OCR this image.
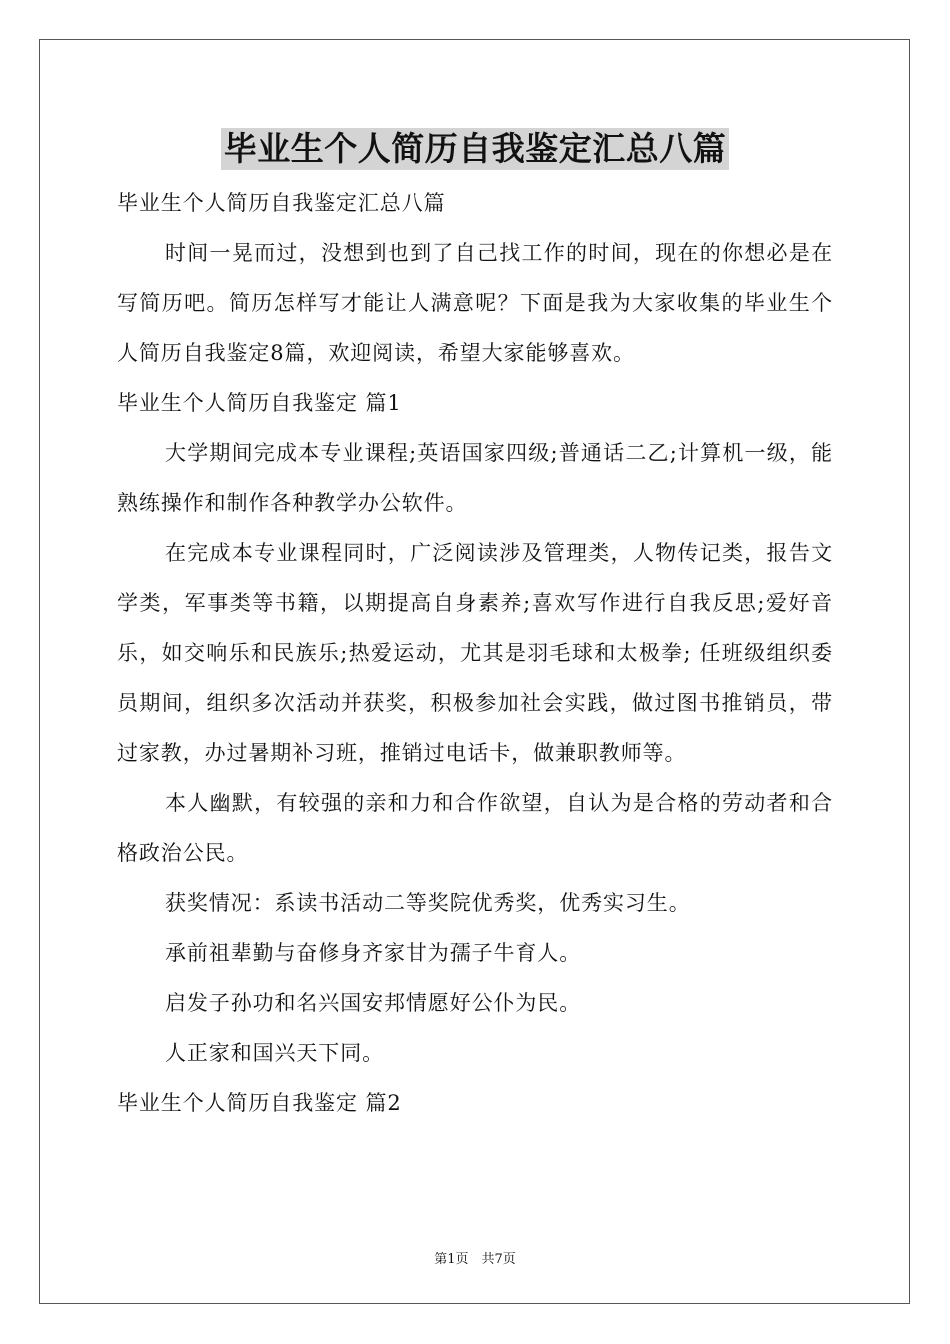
毕业生个人简历自我鉴定汇总八篇

毕业生个人简历自我鉴定汇总八篇

时间一晃而过，没想到也到了自己找工作的时间，现在的你想必是在写简历吧。简历怎样写才能让人满意呢？下面是我为大家收集的毕业生个人简历自我鉴定8篇，欢迎阅读，希望大家能够喜欢。

毕业生个人简历自我鉴定 篇1

大学期间完成本专业课程;英语国家四级;普通话二乙;计算机一级，能熟练操作和制作各种教学办公软件。

在完成本专业课程同时，广泛阅读涉及管理类，人物传记类，报告文学类，军事类等书籍，以期提高自身素养;喜欢写作进行自我反思;爱好音乐，如交响乐和民族乐;热爱运动，尤其是羽毛球和太极拳; 任班级组织委员期间，组织多次活动并获奖，积极参加社会实践，做过图书推销员，带过家教，办过暑期补习班，推销过电话卡，做兼职教师等。

本人幽默，有较强的亲和力和合作欲望，自认为是合格的劳动者和合格政治公民。

获奖情况：系读书活动二等奖院优秀奖，优秀实习生。

承前祖辈勤与奋修身齐家甘为孺子牛育人。

启发子孙功和名兴国安邦情愿好公仆为民。

人正家和国兴天下同。

毕业生个人简历自我鉴定 篇2

第1页　共7页
